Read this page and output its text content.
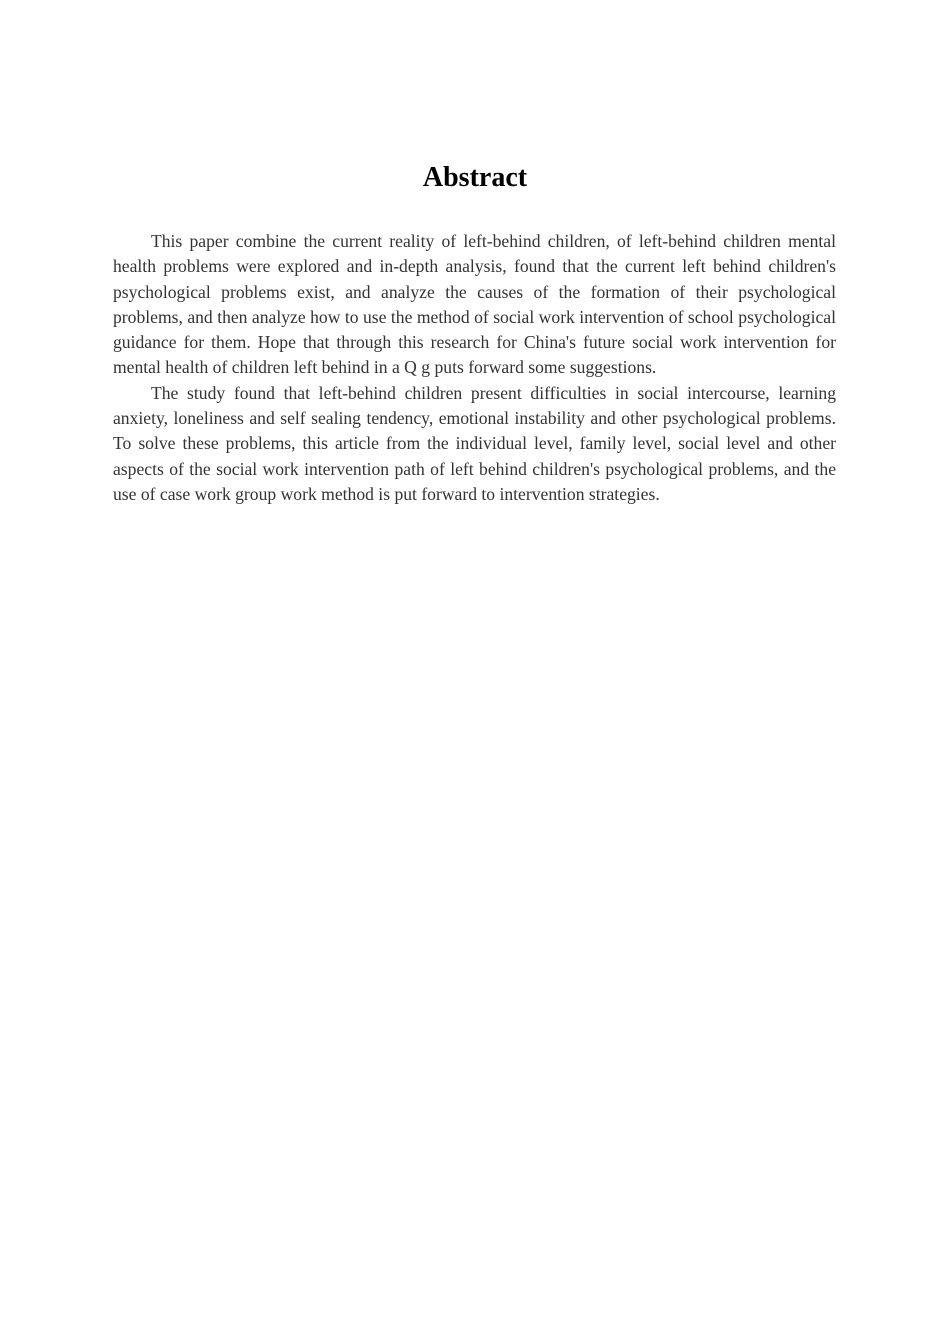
Abstract

This paper combine the current reality of left-behind children, of left-behind children mental health problems were explored and in-depth analysis, found that the current left behind children's psychological problems exist, and analyze the causes of the formation of their psychological problems, and then analyze how to use the method of social work intervention of school psychological guidance for them. Hope that through this research for China's future social work intervention for mental health of children left behind in a Q g puts forward some suggestions.

The study found that left-behind children present difficulties in social intercourse, learning anxiety, loneliness and self sealing tendency, emotional instability and other psychological problems. To solve these problems, this article from the individual level, family level, social level and other aspects of the social work intervention path of left behind children's psychological problems, and the use of case work group work method is put forward to intervention strategies.
